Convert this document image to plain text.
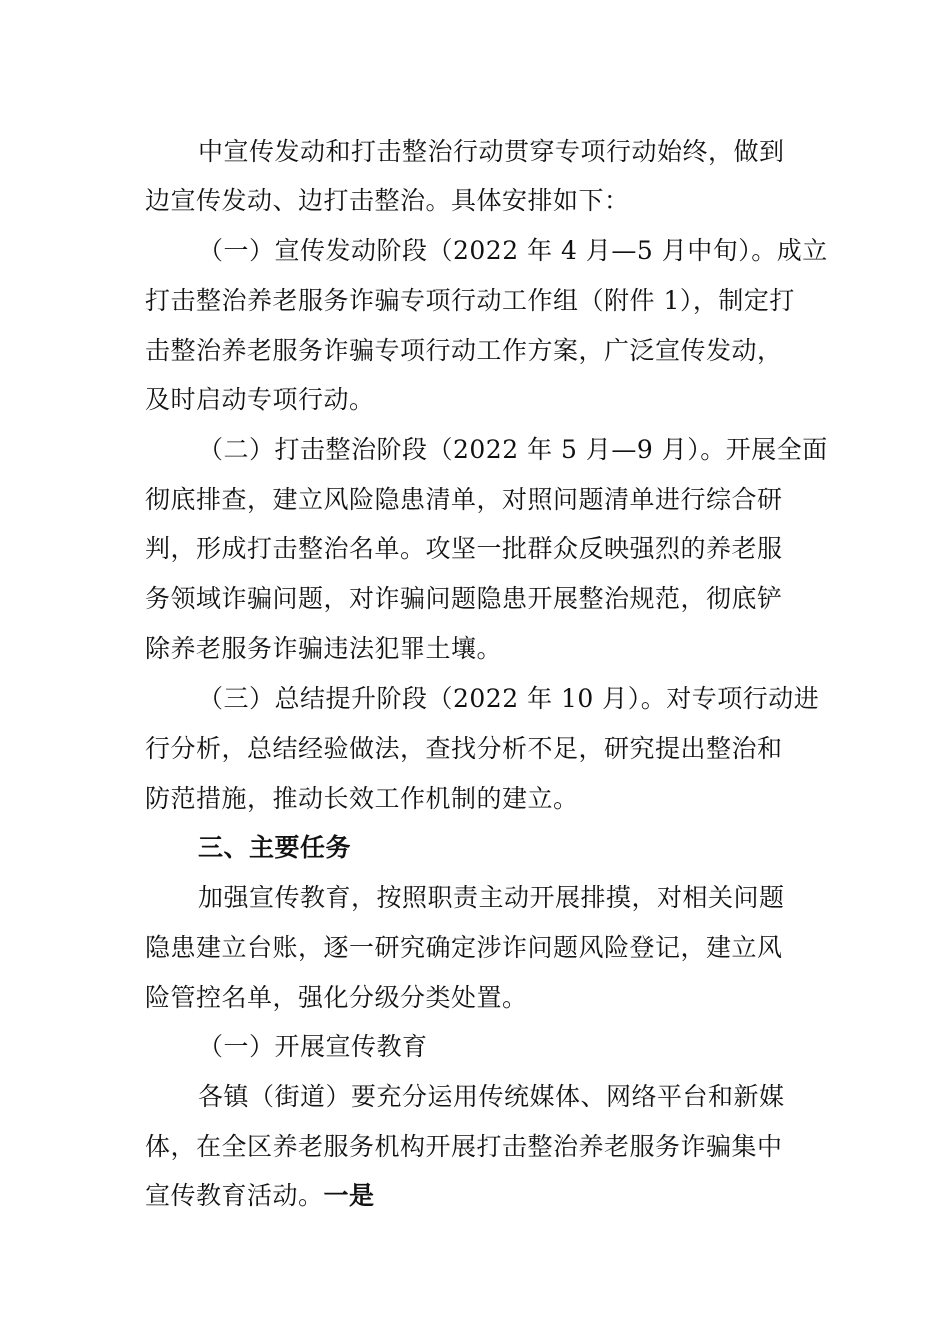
中宣传发动和打击整治行动贯穿专项行动始终，做到
边宣传发动、边打击整治。具体安排如下：
（一）宣传发动阶段（2022 年 4 月—5 月中旬）。成立
打击整治养老服务诈骗专项行动工作组（附件 1），制定打
击整治养老服务诈骗专项行动工作方案，广泛宣传发动，
及时启动专项行动。
（二）打击整治阶段（2022 年 5 月—9 月）。开展全面
彻底排查，建立风险隐患清单，对照问题清单进行综合研
判，形成打击整治名单。攻坚一批群众反映强烈的养老服
务领域诈骗问题，对诈骗问题隐患开展整治规范，彻底铲
除养老服务诈骗违法犯罪土壤。
（三）总结提升阶段（2022 年 10 月）。对专项行动进
行分析，总结经验做法，查找分析不足，研究提出整治和
防范措施，推动长效工作机制的建立。
三、主要任务
加强宣传教育，按照职责主动开展排摸，对相关问题
隐患建立台账，逐一研究确定涉诈问题风险登记，建立风
险管控名单，强化分级分类处置。
（一）开展宣传教育
各镇（街道）要充分运用传统媒体、网络平台和新媒
体，在全区养老服务机构开展打击整治养老服务诈骗集中
宣传教育活动。一是
